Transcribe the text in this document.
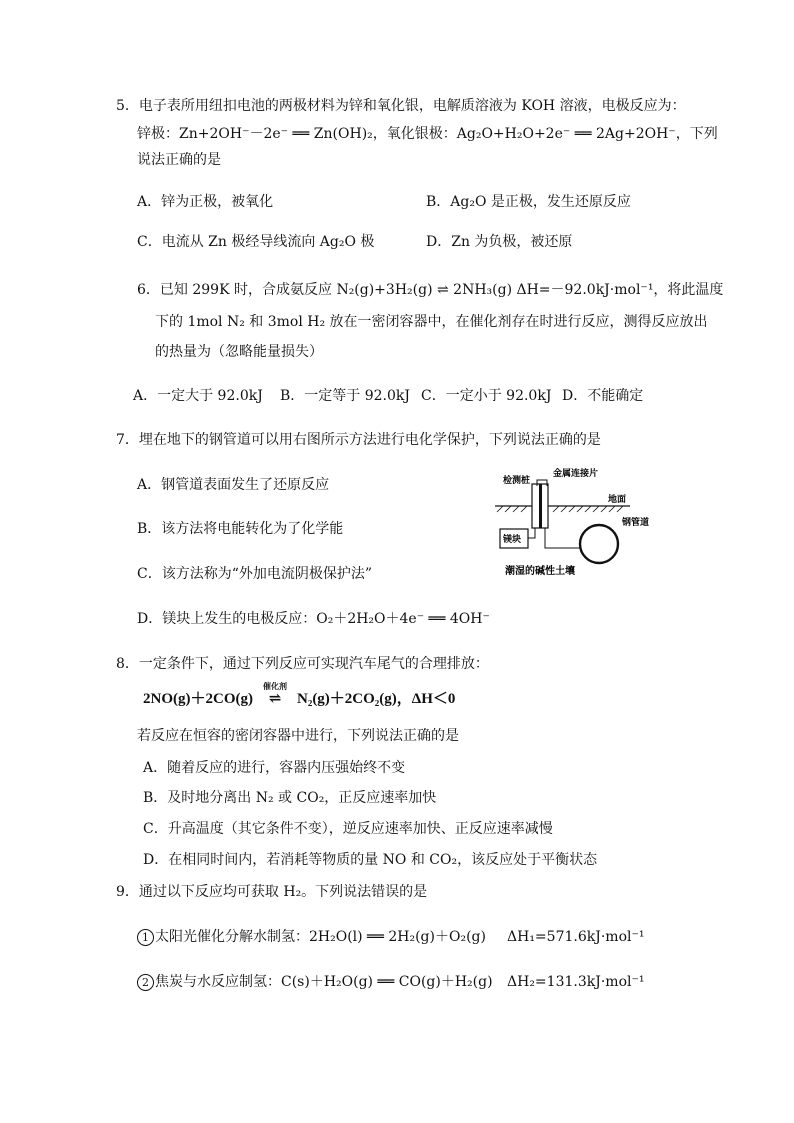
5．电子表所用纽扣电池的两极材料为锌和氧化银，电解质溶液为 KOH 溶液，电极反应为：
锌极：Zn+2OH⁻－2e⁻ ══ Zn(OH)₂，氧化银极：Ag₂O+H₂O+2e⁻ ══ 2Ag+2OH⁻，下列
说法正确的是
A．锌为正极，被氧化	B．Ag₂O 是正极，发生还原反应
C．电流从 Zn 极经导线流向 Ag₂O 极	D．Zn 为负极，被还原
6．已知 299K 时，合成氨反应 N₂(g)+3H₂(g) ⇌ 2NH₃(g) ΔH=－92.0kJ·mol⁻¹，将此温度
下的 1mol N₂ 和 3mol H₂ 放在一密闭容器中，在催化剂存在时进行反应，测得反应放出
的热量为（忽略能量损失）
A．一定大于 92.0kJ B．一定等于 92.0kJ C．一定小于 92.0kJ D．不能确定
7．埋在地下的钢管道可以用右图所示方法进行电化学保护，下列说法正确的是
A．钢管道表面发生了还原反应
B．该方法将电能转化为了化学能
C．该方法称为“外加电流阴极保护法”
D．镁块上发生的电极反应：O₂＋2H₂O＋4e⁻ ══ 4OH⁻
检测桩
金属连接片
地面
镁块
钢管道
潮湿的碱性土壤
8．一定条件下，通过下列反应可实现汽车尾气的合理排放：
2NO(g)＋2CO(g)
催化剂
⇌ N₂(g)＋2CO₂(g)，ΔH＜0
若反应在恒容的密闭容器中进行，下列说法正确的是
A．随着反应的进行，容器内压强始终不变
B．及时地分离出 N₂ 或 CO₂，正反应速率加快
C．升高温度（其它条件不变），逆反应速率加快、正反应速率减慢
D．在相同时间内，若消耗等物质的量 NO 和 CO₂，该反应处于平衡状态
9．通过以下反应均可获取 H₂。下列说法错误的是
1 太阳光催化分解水制氢：2H₂O(l) ══ 2H₂(g)＋O₂(g) ΔH₁=571.6kJ·mol⁻¹
2 焦炭与水反应制氢：C(s)＋H₂O(g) ══ CO(g)＋H₂(g) ΔH₂=131.3kJ·mol⁻¹
